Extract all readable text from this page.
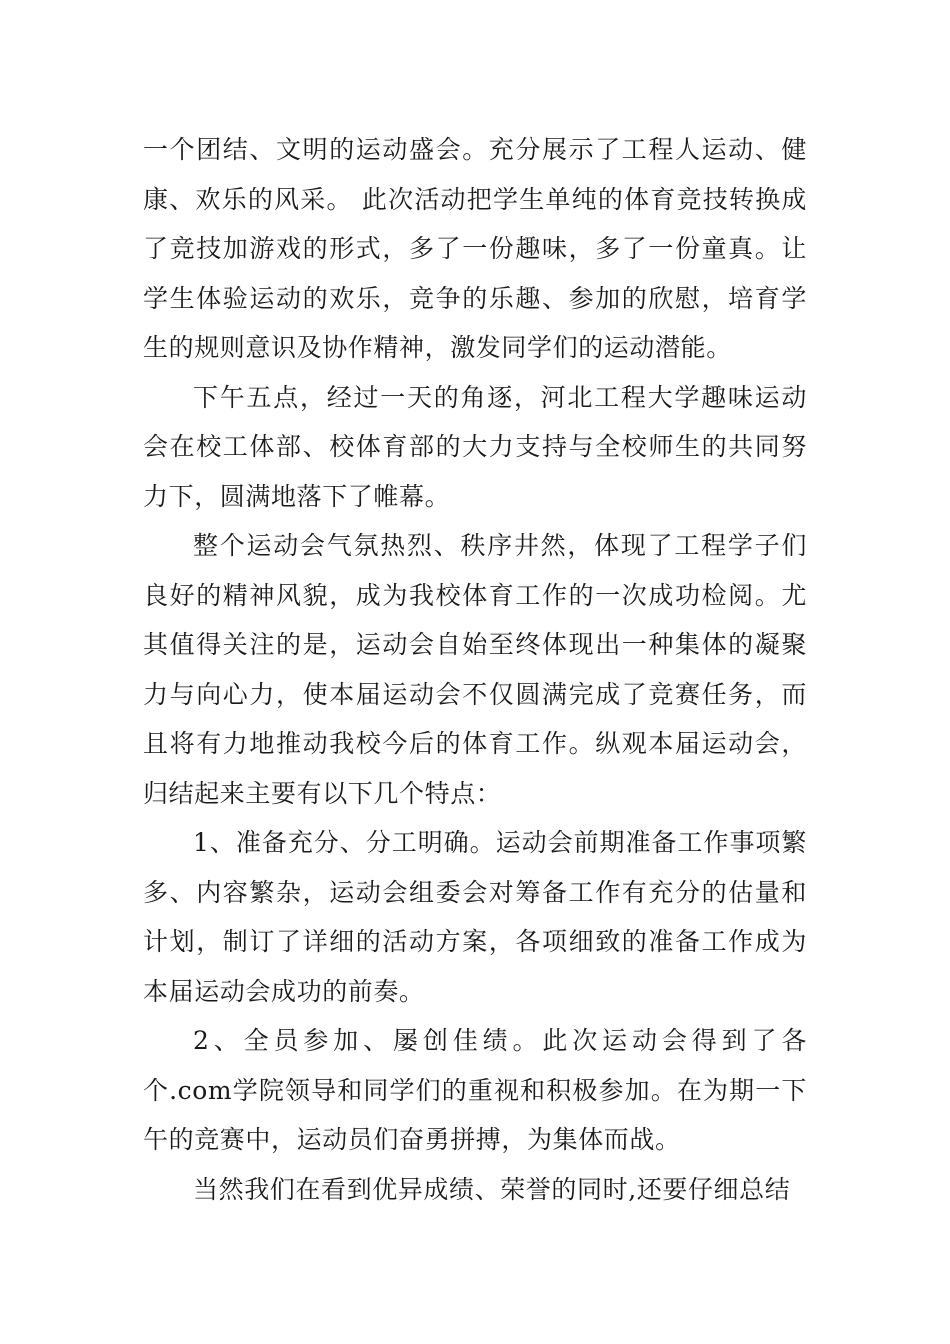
一个团结、文明的运动盛会。充分展示了工程人运动、健康、欢乐的风采。 此次活动把学生单纯的体育竞技转换成了竞技加游戏的形式，多了一份趣味，多了一份童真。让学生体验运动的欢乐，竞争的乐趣、参加的欣慰，培育学生的规则意识及协作精神，激发同学们的运动潜能。

下午五点，经过一天的角逐，河北工程大学趣味运动会在校工体部、校体育部的大力支持与全校师生的共同努力下，圆满地落下了帷幕。

整个运动会气氛热烈、秩序井然，体现了工程学子们良好的精神风貌，成为我校体育工作的一次成功检阅。尤其值得关注的是，运动会自始至终体现出一种集体的凝聚力与向心力，使本届运动会不仅圆满完成了竞赛任务，而且将有力地推动我校今后的体育工作。纵观本届运动会，归结起来主要有以下几个特点：

1、准备充分、分工明确。运动会前期准备工作事项繁多、内容繁杂，运动会组委会对筹备工作有充分的估量和计划，制订了详细的活动方案，各项细致的准备工作成为本届运动会成功的前奏。

2、全员参加、屡创佳绩。此次运动会得到了各个.com学院领导和同学们的重视和积极参加。在为期一下午的竞赛中，运动员们奋勇拼搏，为集体而战。

当然我们在看到优异成绩、荣誉的同时,还要仔细总结
